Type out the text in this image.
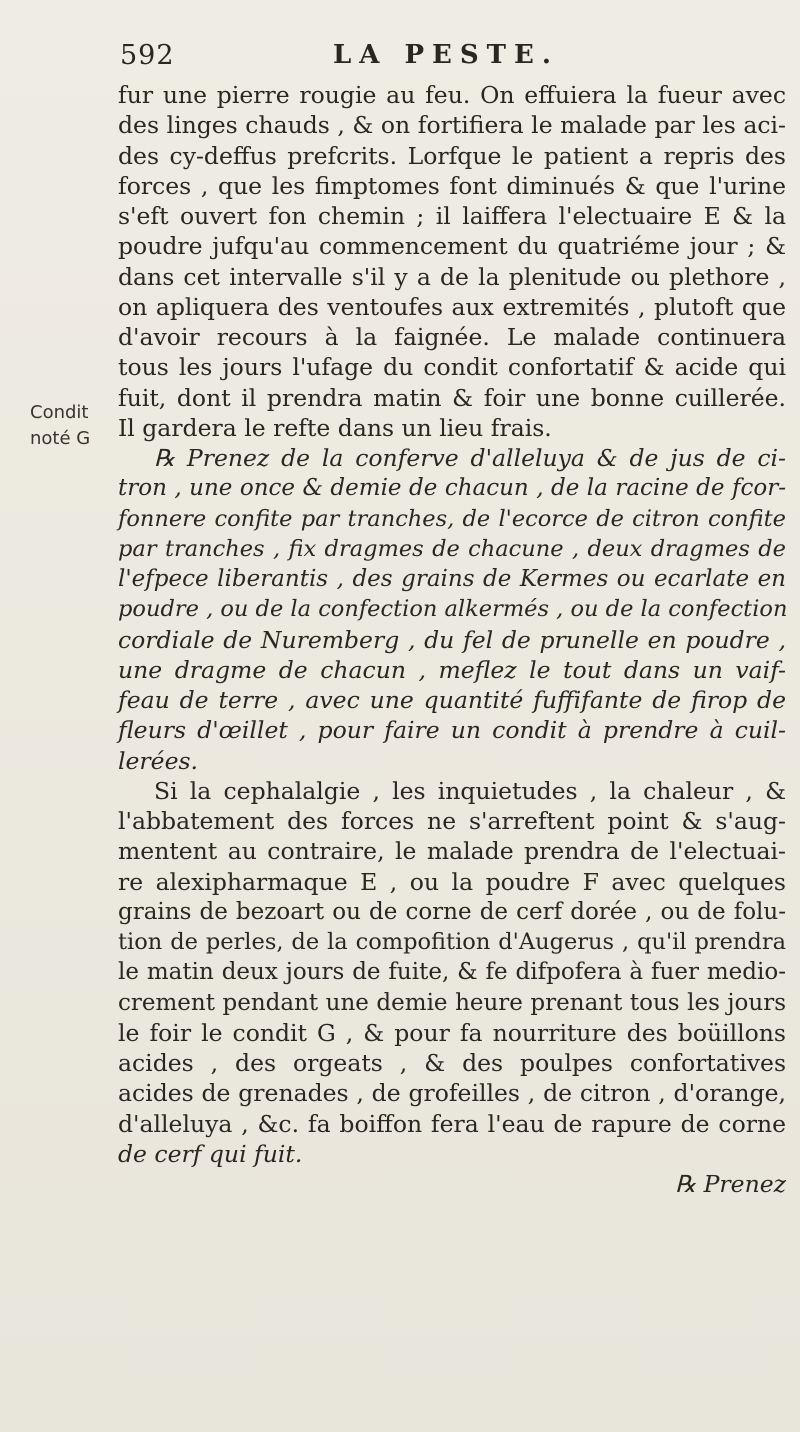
592	LA PESTE.
Condit
noté G
fur une pierre rougie au feu. On effuiera la fueur avec
des linges chauds , & on fortifiera le malade par les aci-
des cy-deffus prefcrits. Lorfque le patient a repris des
forces , que les fimptomes font diminués & que l'urine
s'eft ouvert fon chemin ; il laiffera l'electuaire E & la
poudre jufqu'au commencement du quatriéme jour ; &
dans cet intervalle s'il y a de la plenitude ou plethore ,
on apliquera des ventoufes aux extremités , plutoft que
d'avoir recours à la faignée. Le malade continuera
tous les jours l'ufage du condit confortatif & acide qui
fuit, dont il prendra matin & foir une bonne cuillerée.
Il gardera le refte dans un lieu frais.
℞ Prenez de la conferve d'alleluya & de jus de ci-
tron , une once & demie de chacun , de la racine de fcor-
fonnere confite par tranches, de l'ecorce de citron confite
par tranches , fix dragmes de chacune , deux dragmes de
l'efpece liberantis , des grains de Kermes ou ecarlate en
poudre , ou de la confection alkermés , ou de la confection
cordiale de Nuremberg , du fel de prunelle en poudre ,
une dragme de chacun , meflez le tout dans un vaif-
feau de terre , avec une quantité fuffifante de firop de
fleurs d'œillet , pour faire un condit à prendre à cuil-
lerées.
Si la cephalalgie , les inquietudes , la chaleur , &
l'abbatement des forces ne s'arreftent point & s'aug-
mentent au contraire, le malade prendra de l'electuai-
re alexipharmaque E , ou la poudre F avec quelques
grains de bezoart ou de corne de cerf dorée , ou de folu-
tion de perles, de la compofition d'Augerus , qu'il prendra
le matin deux jours de fuite, & fe difpofera à fuer medio-
crement pendant une demie heure prenant tous les jours
le foir le condit G , & pour fa nourriture des boüillons
acides , des orgeats , & des poulpes confortatives
acides de grenades , de grofeilles , de citron , d'orange,
d'alleluya , &c. fa boiffon fera l'eau de rapure de corne
de cerf qui fuit.
℞ Prenez
